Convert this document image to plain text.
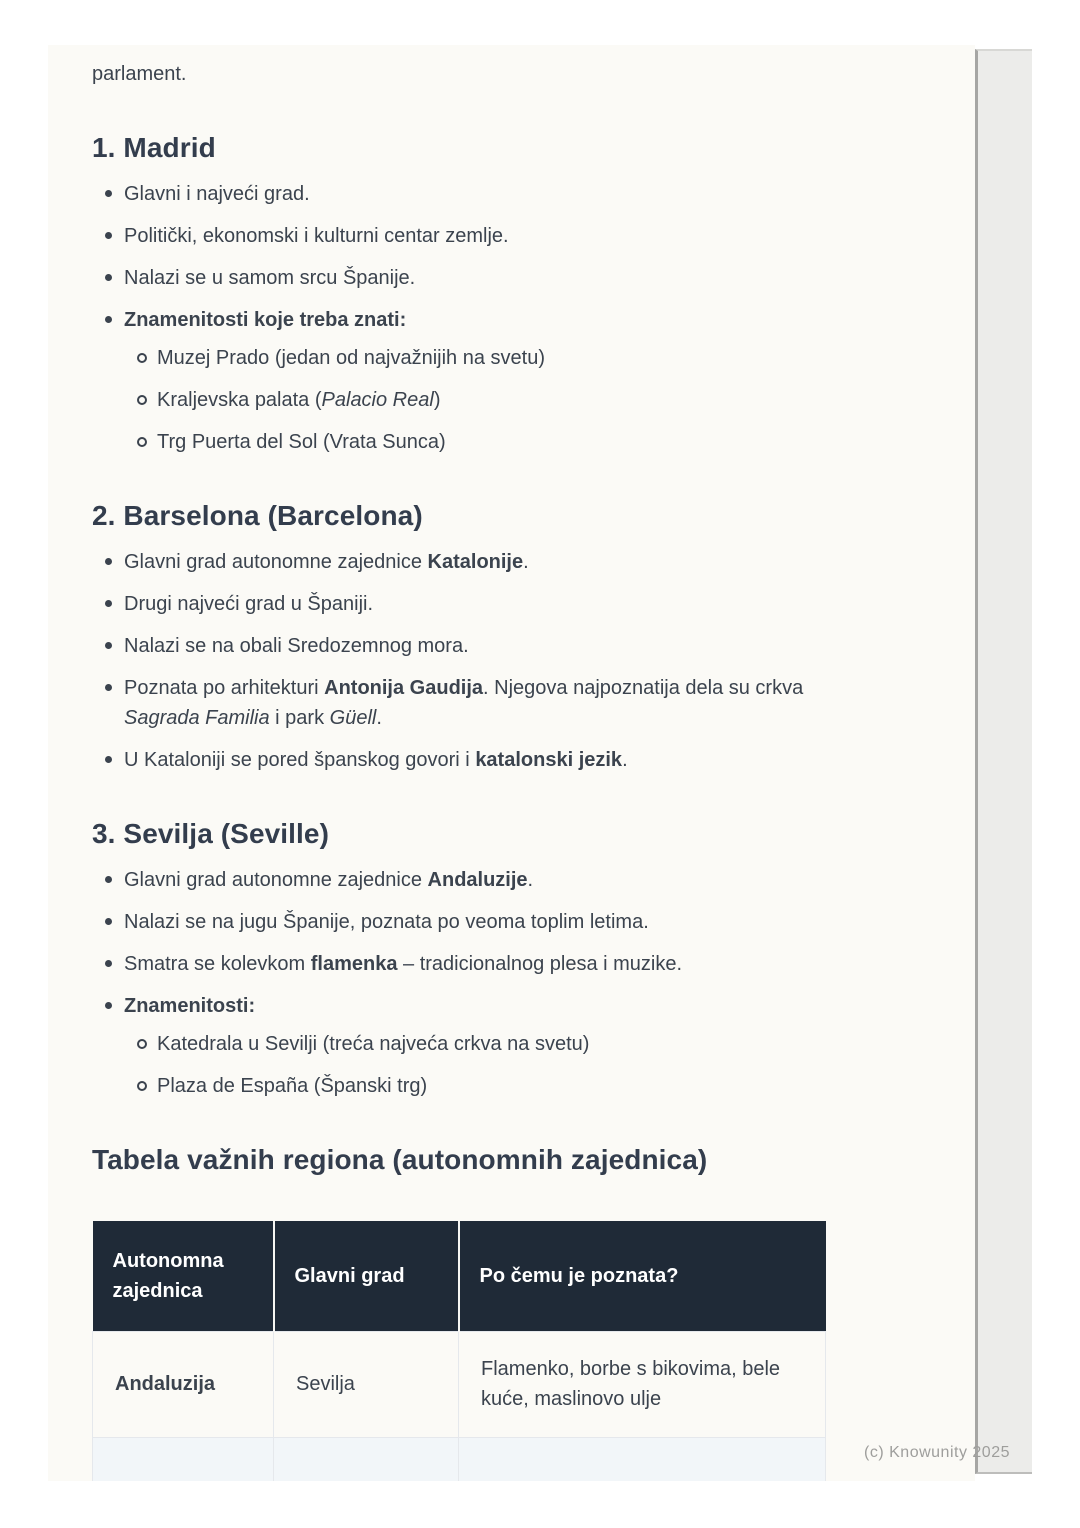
parlament.

1. Madrid
Glavni i najveći grad.
Politički, ekonomski i kulturni centar zemlje.
Nalazi se u samom srcu Španije.
Znamenitosti koje treba znati:
Muzej Prado (jedan od najvažnijih na svetu)
Kraljevska palata (Palacio Real)
Trg Puerta del Sol (Vrata Sunca)
2. Barselona (Barcelona)
Glavni grad autonomne zajednice Katalonije.
Drugi najveći grad u Španiji.
Nalazi se na obali Sredozemnog mora.
Poznata po arhitekturi Antonija Gaudija. Njegova najpoznatija dela su crkva Sagrada Familia i park Güell.
U Kataloniji se pored španskog govori i katalonski jezik.
3. Sevilja (Seville)
Glavni grad autonomne zajednice Andaluzije.
Nalazi se na jugu Španije, poznata po veoma toplim letima.
Smatra se kolevkom flamenka – tradicionalnog plesa i muzike.
Znamenitosti:
Katedrala u Sevilji (treća najveća crkva na svetu)
Plaza de España (Španski trg)
Tabela važnih regiona (autonomnih zajednica)
Autonomna zajednica	Glavni grad	Po čemu je poznata?
Andaluzija	Sevilja	Flamenko, borbe s bikovima, bele kuće, maslinovo ulje

(c) Knowunity 2025
